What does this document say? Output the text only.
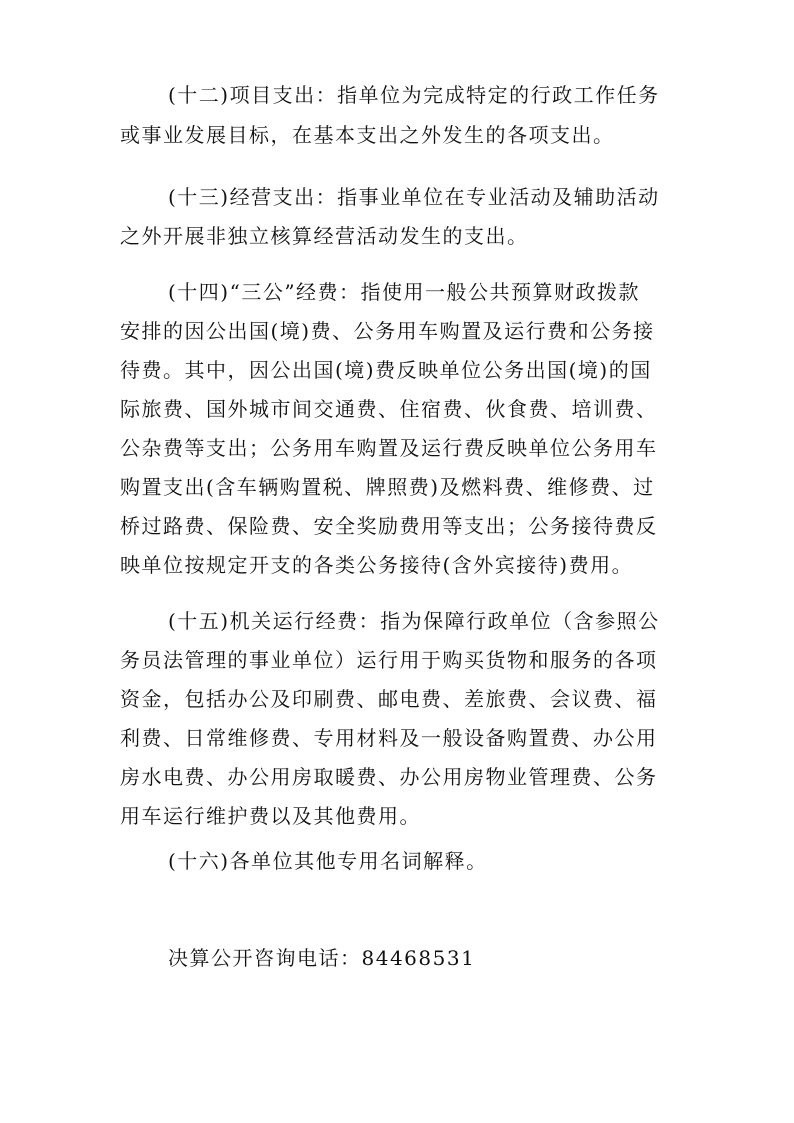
(十二)项目支出：指单位为完成特定的行政工作任务
或事业发展目标，在基本支出之外发生的各项支出。
(十三)经营支出：指事业单位在专业活动及辅助活动
之外开展非独立核算经营活动发生的支出。
(十四)“三公”经费：指使用一般公共预算财政拨款
安排的因公出国(境)费、公务用车购置及运行费和公务接
待费。其中，因公出国(境)费反映单位公务出国(境)的国
际旅费、国外城市间交通费、住宿费、伙食费、培训费、
公杂费等支出；公务用车购置及运行费反映单位公务用车
购置支出(含车辆购置税、牌照费)及燃料费、维修费、过
桥过路费、保险费、安全奖励费用等支出；公务接待费反
映单位按规定开支的各类公务接待(含外宾接待)费用。
(十五)机关运行经费：指为保障行政单位（含参照公
务员法管理的事业单位）运行用于购买货物和服务的各项
资金，包括办公及印刷费、邮电费、差旅费、会议费、福
利费、日常维修费、专用材料及一般设备购置费、办公用
房水电费、办公用房取暖费、办公用房物业管理费、公务
用车运行维护费以及其他费用。
(十六)各单位其他专用名词解释。
决算公开咨询电话：84468531
